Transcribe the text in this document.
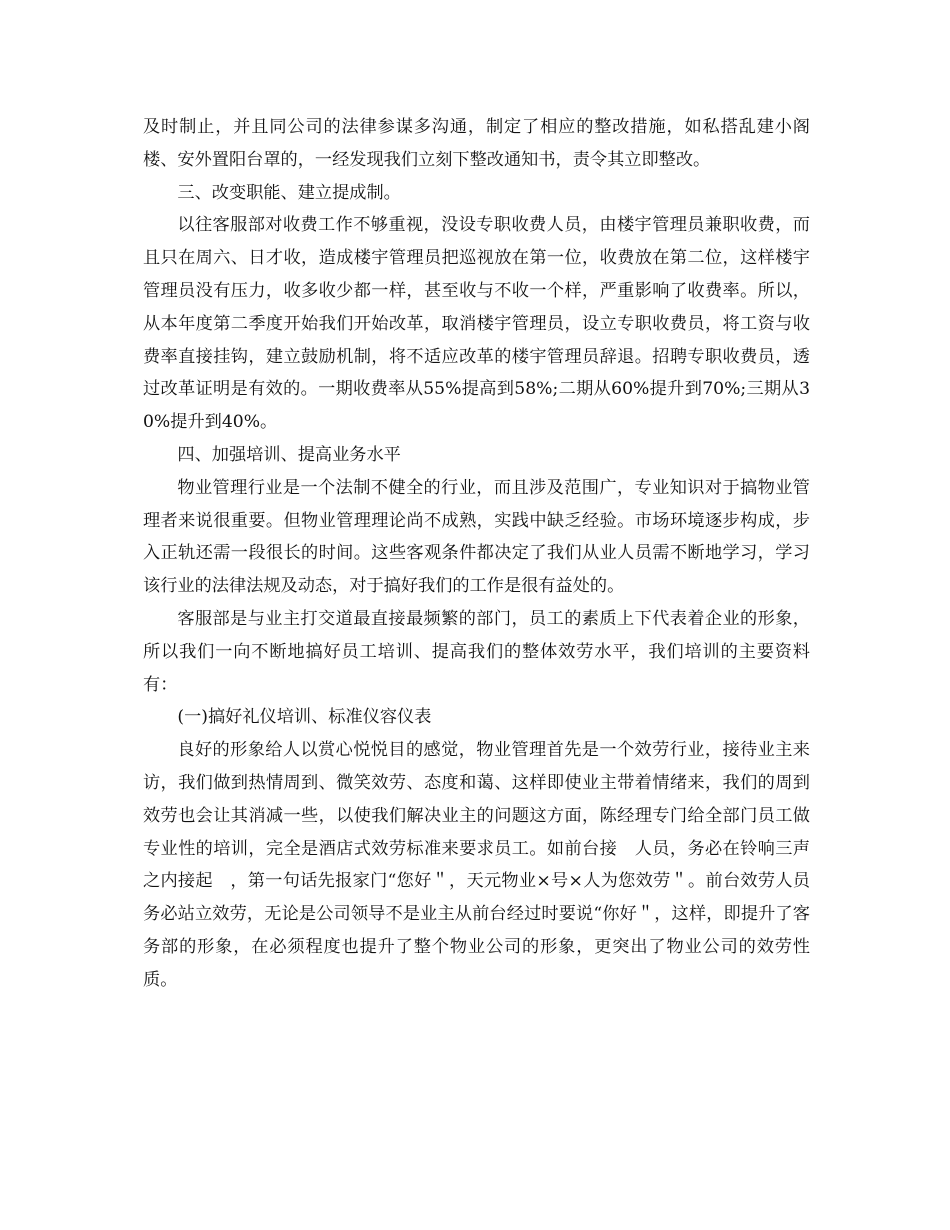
及时制止，并且同公司的法律参谋多沟通，制定了相应的整改措施，如私搭乱建小阁楼、安外置阳台罩的，一经发现我们立刻下整改通知书，责令其立即整改。

三、改变职能、建立提成制。

以往客服部对收费工作不够重视，没设专职收费人员，由楼宇管理员兼职收费，而且只在周六、日才收，造成楼宇管理员把巡视放在第一位，收费放在第二位，这样楼宇管理员没有压力，收多收少都一样，甚至收与不收一个样，严重影响了收费率。所以，从本年度第二季度开始我们开始改革，取消楼宇管理员，设立专职收费员，将工资与收费率直接挂钩，建立鼓励机制，将不适应改革的楼宇管理员辞退。招聘专职收费员，透过改革证明是有效的。一期收费率从55%提高到58%;二期从60%提升到70%;三期从30%提升到40%。

四、加强培训、提高业务水平

物业管理行业是一个法制不健全的行业，而且涉及范围广，专业知识对于搞物业管理者来说很重要。但物业管理理论尚不成熟，实践中缺乏经验。市场环境逐步构成，步入正轨还需一段很长的时间。这些客观条件都决定了我们从业人员需不断地学习，学习该行业的法律法规及动态，对于搞好我们的工作是很有益处的。

客服部是与业主打交道最直接最频繁的部门，员工的素质上下代表着企业的形象，所以我们一向不断地搞好员工培训、提高我们的整体效劳水平，我们培训的主要资料有：

(一)搞好礼仪培训、标准仪容仪表

良好的形象给人以赏心悦悦目的感觉，物业管理首先是一个效劳行业，接待业主来访，我们做到热情周到、微笑效劳、态度和蔼、这样即使业主带着情绪来，我们的周到效劳也会让其消减一些，以使我们解决业主的问题这方面，陈经理专门给全部门员工做专业性的培训，完全是酒店式效劳标准来要求员工。如前台接　人员，务必在铃响三声之内接起　，第一句话先报家门“您好＂，天元物业×号×人为您效劳＂。前台效劳人员务必站立效劳，无论是公司领导不是业主从前台经过时要说“你好＂，这样，即提升了客务部的形象，在必须程度也提升了整个物业公司的形象，更突出了物业公司的效劳性质。
